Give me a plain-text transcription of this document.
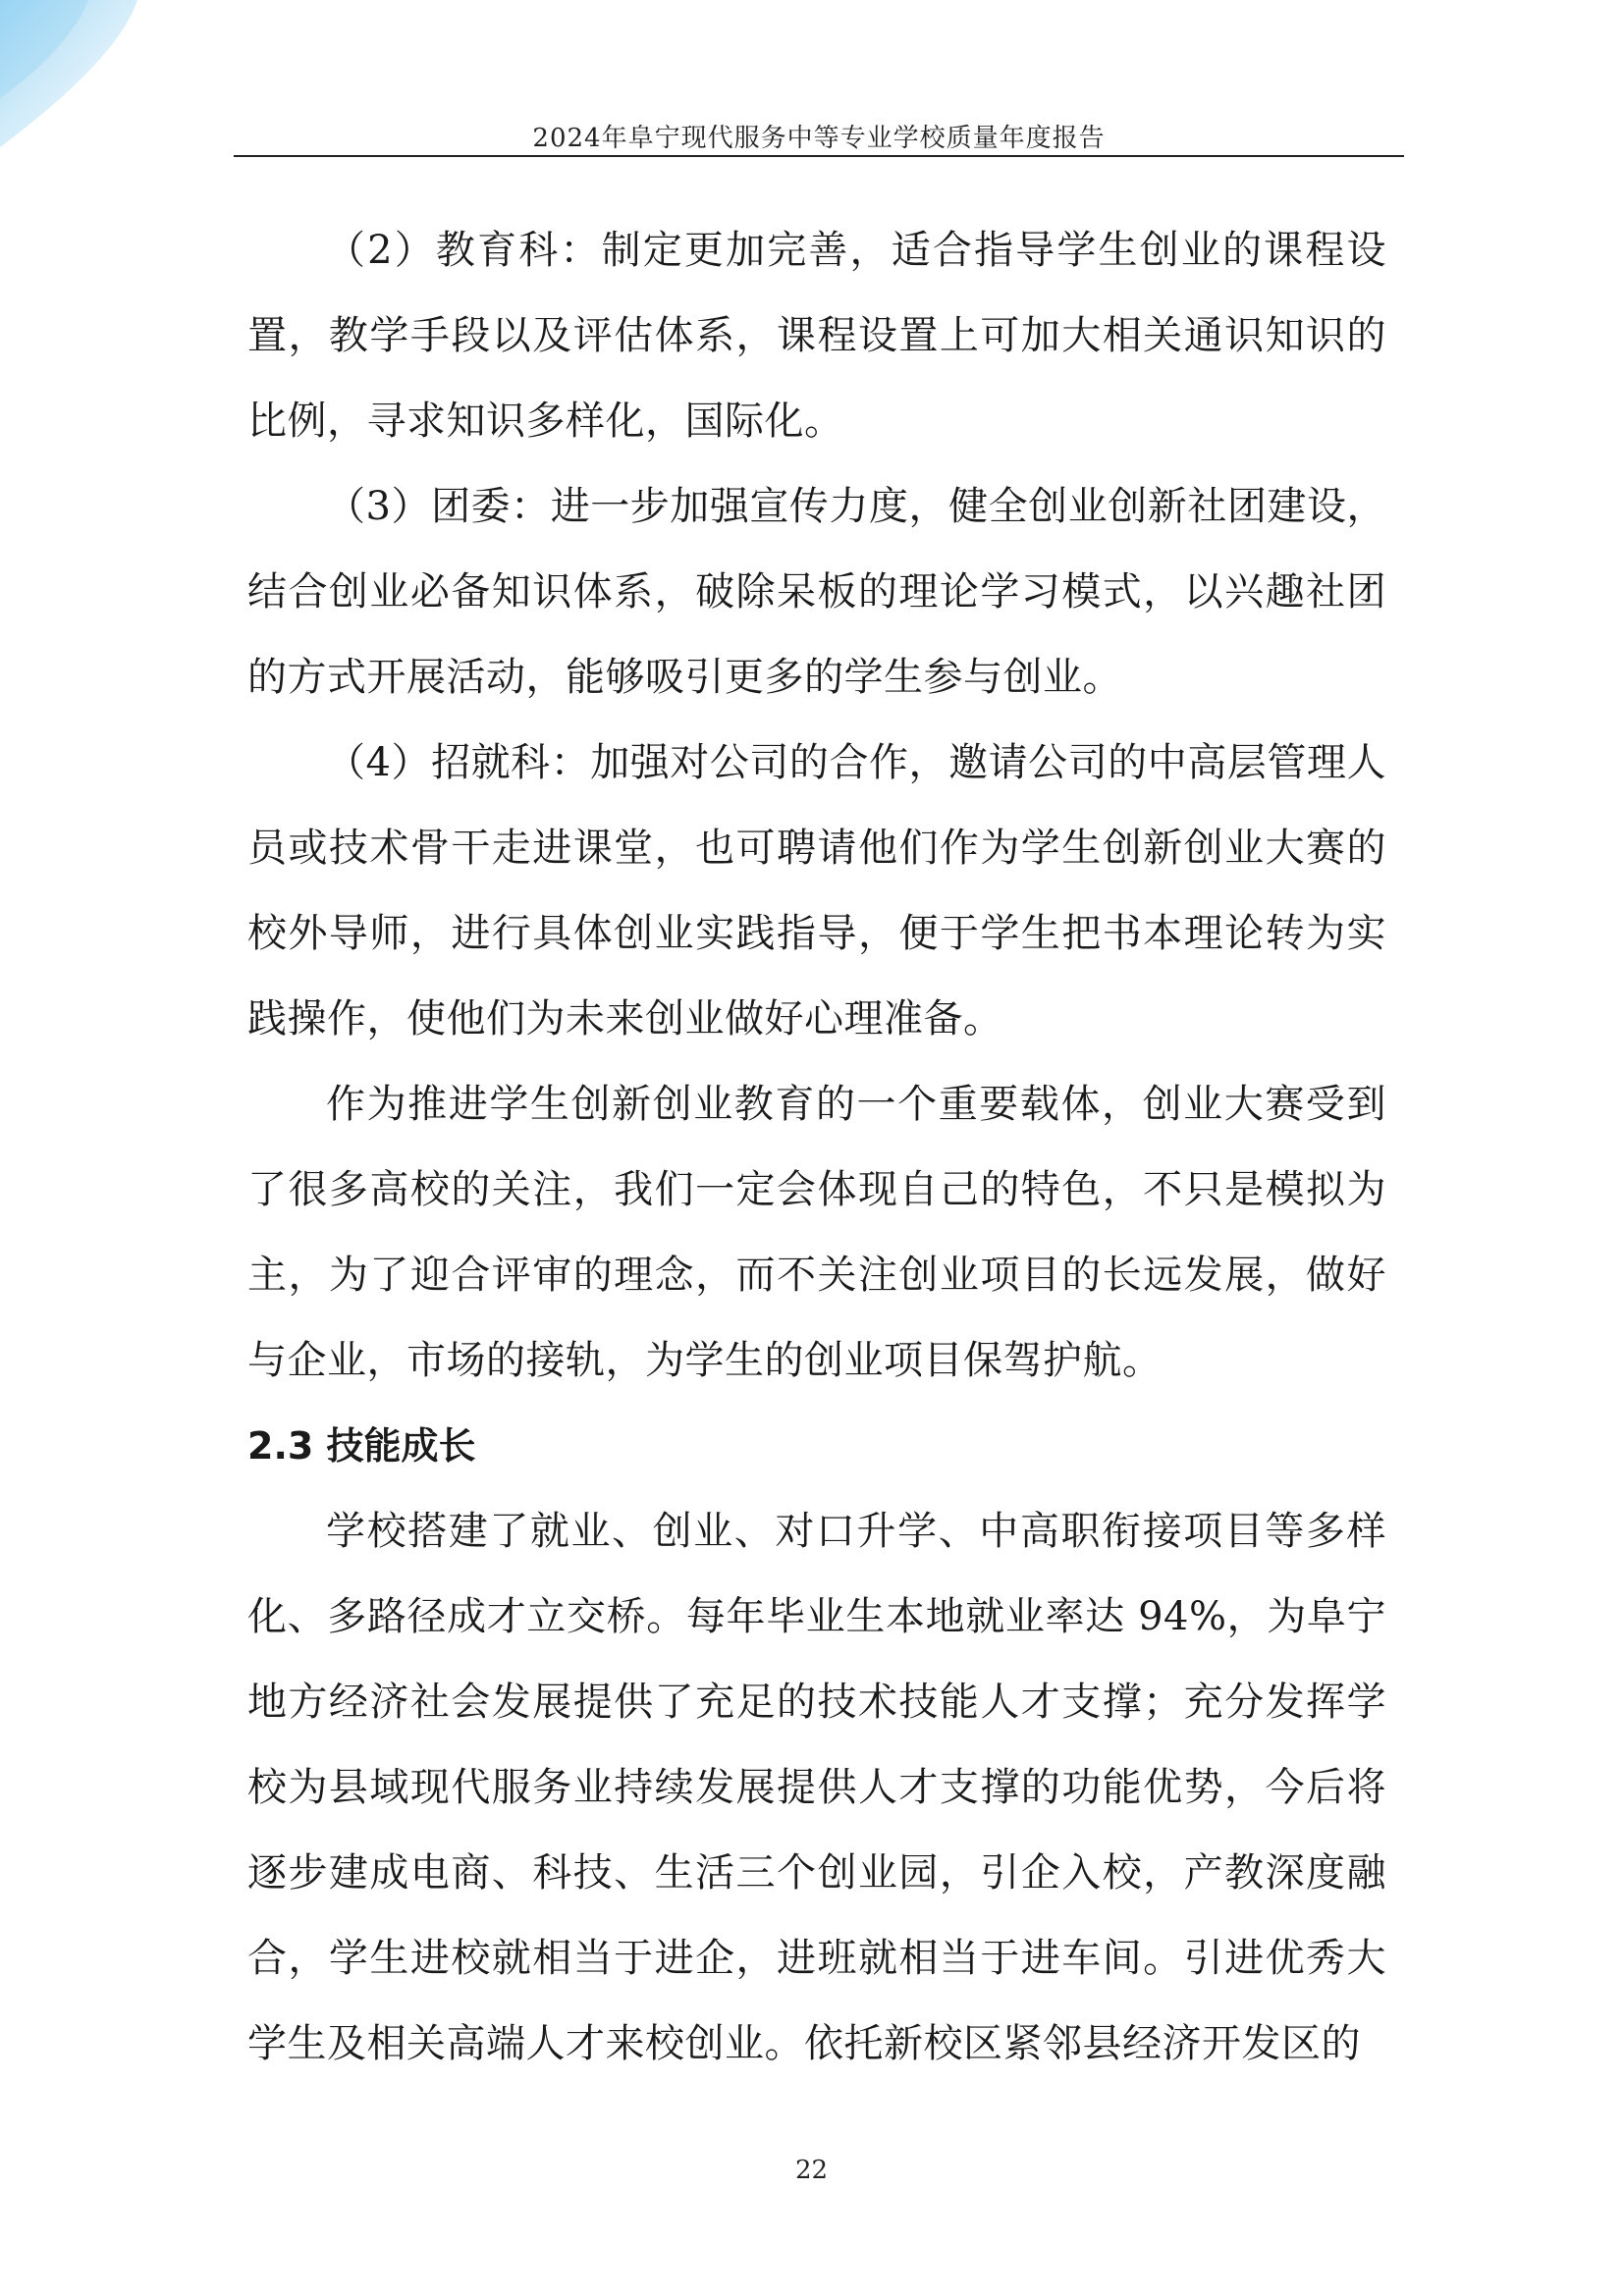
2024年阜宁现代服务中等专业学校质量年度报告

（2）教育科：制定更加完善，适合指导学生创业的课程设置，教学手段以及评估体系，课程设置上可加大相关通识知识的比例，寻求知识多样化，国际化。

（3）团委：进一步加强宣传力度，健全创业创新社团建设，结合创业必备知识体系，破除呆板的理论学习模式，以兴趣社团的方式开展活动，能够吸引更多的学生参与创业。

（4）招就科：加强对公司的合作，邀请公司的中高层管理人员或技术骨干走进课堂，也可聘请他们作为学生创新创业大赛的校外导师，进行具体创业实践指导，便于学生把书本理论转为实践操作，使他们为未来创业做好心理准备。

作为推进学生创新创业教育的一个重要载体，创业大赛受到了很多高校的关注，我们一定会体现自己的特色，不只是模拟为主，为了迎合评审的理念，而不关注创业项目的长远发展，做好与企业，市场的接轨，为学生的创业项目保驾护航。

2.3 技能成长

学校搭建了就业、创业、对口升学、中高职衔接项目等多样化、多路径成才立交桥。每年毕业生本地就业率达 94%，为阜宁地方经济社会发展提供了充足的技术技能人才支撑；充分发挥学校为县域现代服务业持续发展提供人才支撑的功能优势，今后将逐步建成电商、科技、生活三个创业园，引企入校，产教深度融合，学生进校就相当于进企，进班就相当于进车间。引进优秀大学生及相关高端人才来校创业。依托新校区紧邻县经济开发区的

22
